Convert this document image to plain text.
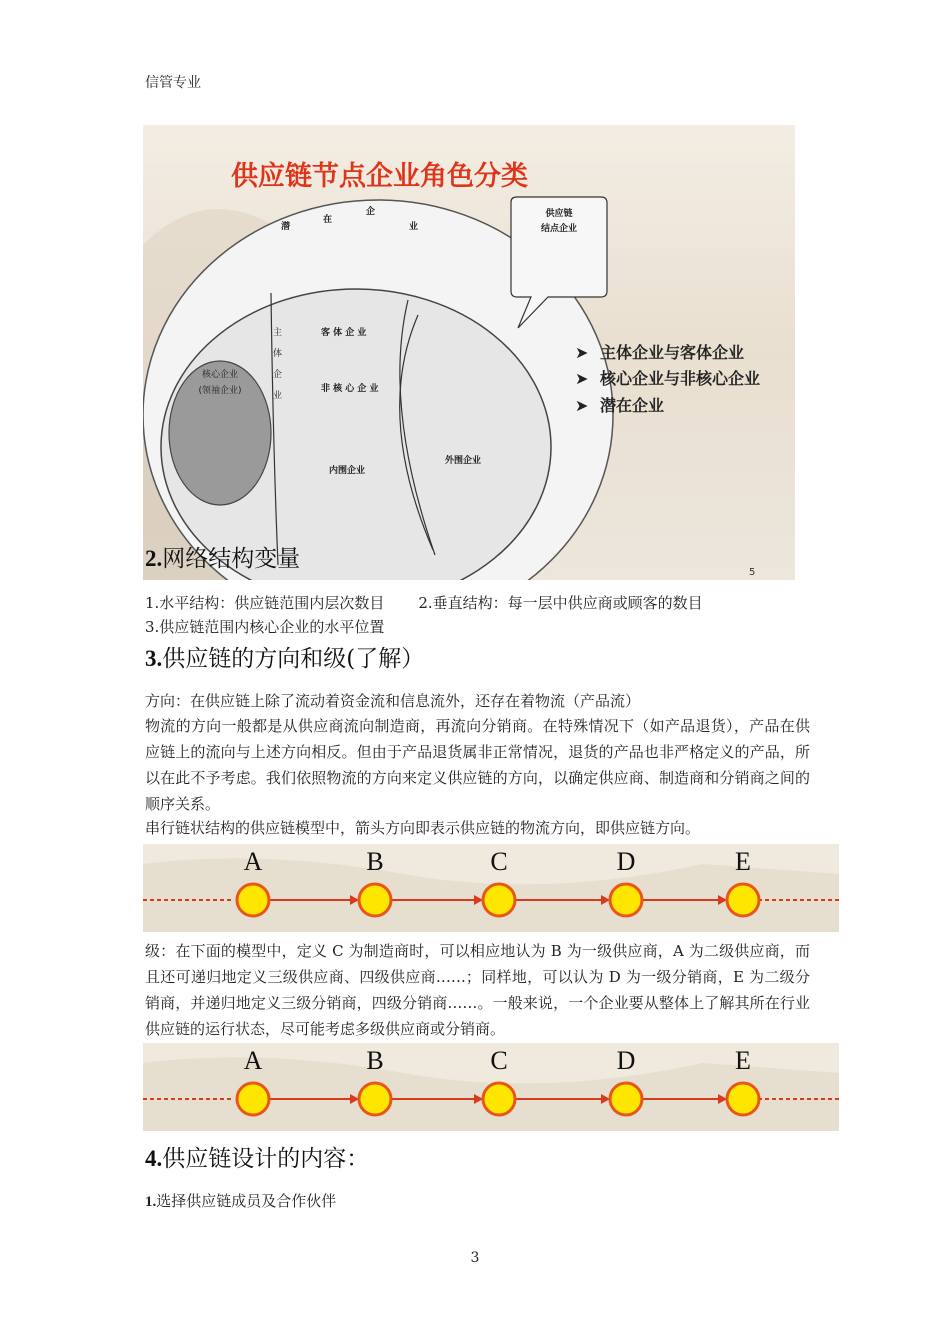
信管专业
供应链节点企业角色分类
核心企业
(领袖企业)
潜
在
企
业
供应链
结点企业
主
体
企
业
客 体 企 业
非 核 心 企 业
内围企业
外围企业
➤ 主体企业与客体企业
➤ 核心企业与非核心企业
➤ 潜在企业
5
2.网络结构变量
1.水平结构：供应链范围内层次数目 2.垂直结构：每一层中供应商或顾客的数目
3.供应链范围内核心企业的水平位置
3.供应链的方向和级(了解）
方向：在供应链上除了流动着资金流和信息流外，还存在着物流（产品流）
物流的方向一般都是从供应商流向制造商，再流向分销商。在特殊情况下（如产品退货），产品在供应链上的流向与上述方向相反。但由于产品退货属非正常情况，退货的产品也非严格定义的产品，所以在此不予考虑。我们依照物流的方向来定义供应链的方向，以确定供应商、制造商和分销商之间的顺序关系。
串行链状结构的供应链模型中，箭头方向即表示供应链的物流方向，即供应链方向。
A	B	C	D	E
级：在下面的模型中，定义 C 为制造商时，可以相应地认为 B 为一级供应商，A 为二级供应商，而且还可递归地定义三级供应商、四级供应商……；同样地，可以认为 D 为一级分销商，E 为二级分销商，并递归地定义三级分销商，四级分销商……。一般来说，一个企业要从整体上了解其所在行业供应链的运行状态，尽可能考虑多级供应商或分销商。
A	B	C	D	E
4.供应链设计的内容：
1.选择供应链成员及合作伙伴
3
